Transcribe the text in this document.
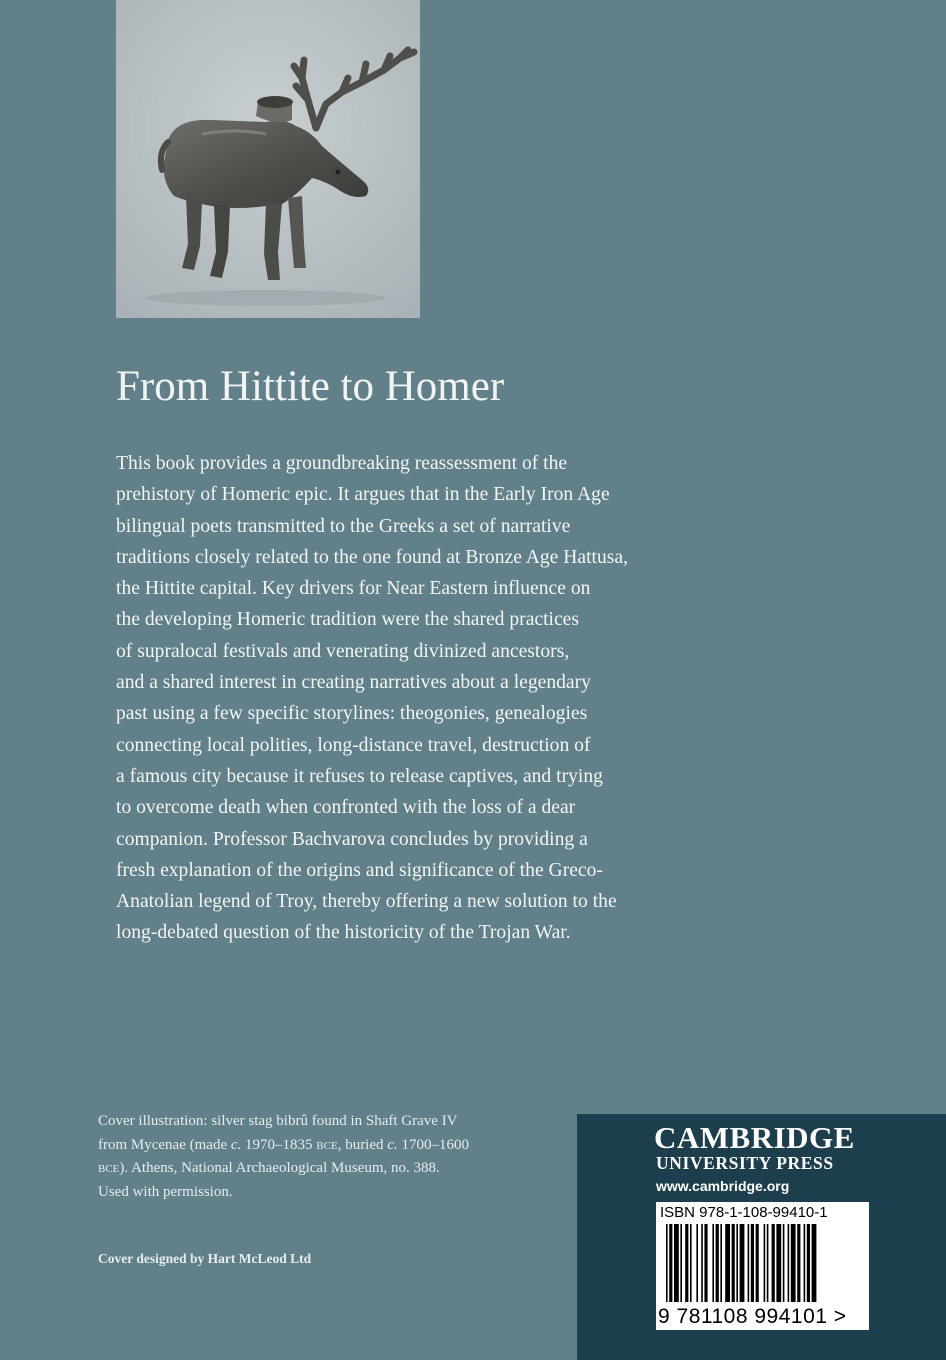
From Hittite to Homer
This book provides a groundbreaking reassessment of the
prehistory of Homeric epic. It argues that in the Early Iron Age
bilingual poets transmitted to the Greeks a set of narrative
traditions closely related to the one found at Bronze Age Hattusa,
the Hittite capital. Key drivers for Near Eastern influence on
the developing Homeric tradition were the shared practices
of supralocal festivals and venerating divinized ancestors,
and a shared interest in creating narratives about a legendary
past using a few specific storylines: theogonies, genealogies
connecting local polities, long-distance travel, destruction of
a famous city because it refuses to release captives, and trying
to overcome death when confronted with the loss of a dear
companion. Professor Bachvarova concludes by providing a
fresh explanation of the origins and significance of the Greco-
Anatolian legend of Troy, thereby offering a new solution to the
long-debated question of the historicity of the Trojan War.
Cover illustration: silver stag bibrû found in Shaft Grave IV
from Mycenae (made c. 1970–1835 bce, buried c. 1700–1600
bce). Athens, National Archaeological Museum, no. 388.
Used with permission.
Cover designed by Hart McLeod Ltd
CAMBRIDGE
UNIVERSITY PRESS
www.cambridge.org
ISBN 978-1-108-99410-1
9 781108 994101 >
